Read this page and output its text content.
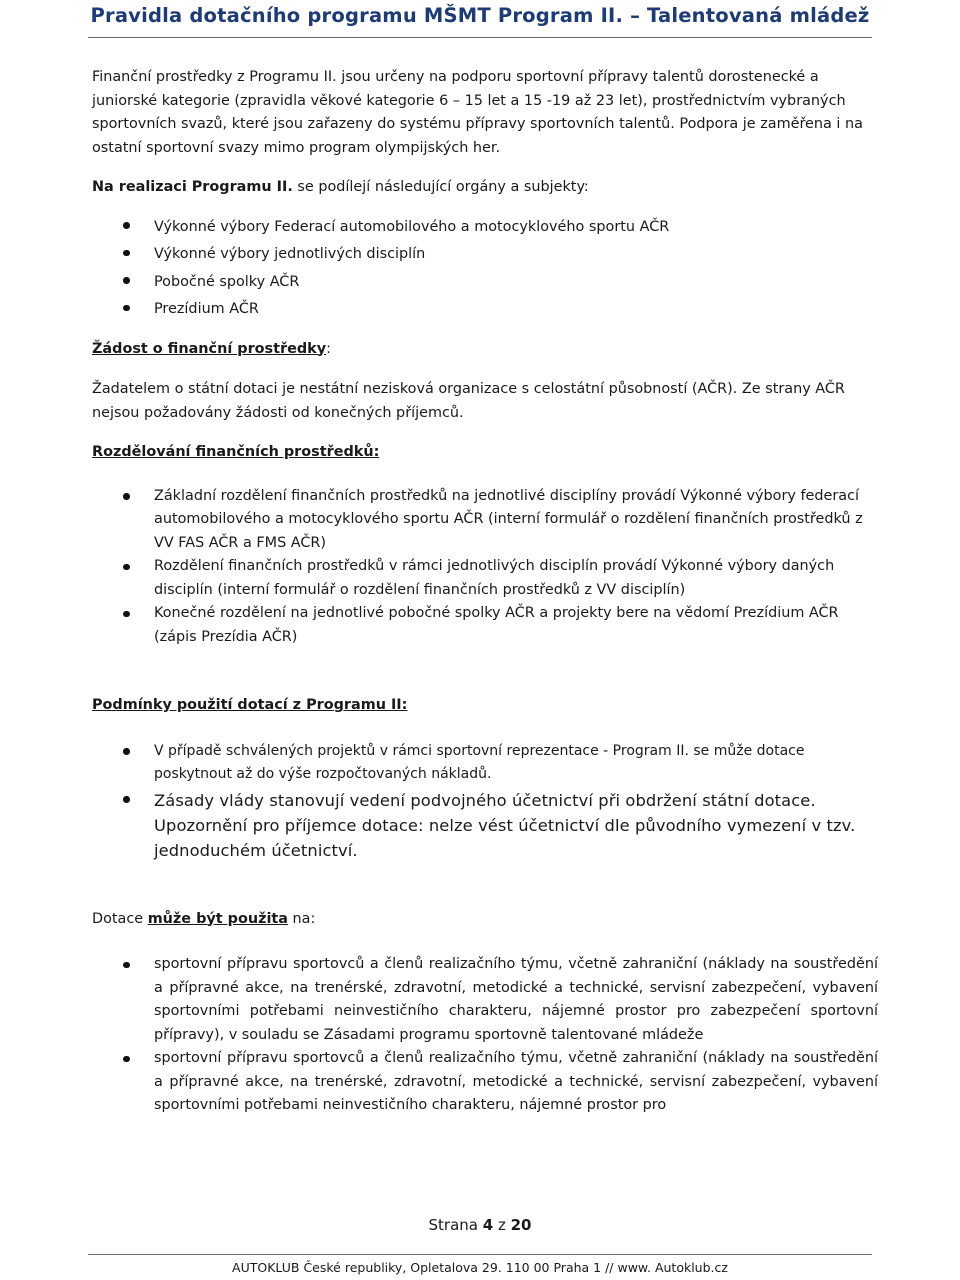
Pravidla dotačního programu MŠMT Program II. – Talentovaná mládež

Finanční prostředky z Programu II. jsou určeny na podporu sportovní přípravy talentů dorostenecké a juniorské kategorie (zpravidla věkové kategorie 6 – 15 let a 15 -19 až 23 let), prostřednictvím vybraných sportovních svazů, které jsou zařazeny do systému přípravy sportovních talentů. Podpora je zaměřena i na ostatní sportovní svazy mimo program olympijských her.

Na realizaci Programu II. se podílejí následující orgány a subjekty:

Výkonné výbory Federací automobilového a motocyklového sportu AČR
Výkonné výbory jednotlivých disciplín
Pobočné spolky AČR
Prezídium AČR

Žádost o finanční prostředky:

Žadatelem o státní dotaci je nestátní nezisková organizace s celostátní působností (AČR). Ze strany AČR nejsou požadovány žádosti od konečných příjemců.

Rozdělování finančních prostředků:

Základní rozdělení finančních prostředků na jednotlivé disciplíny provádí Výkonné výbory federací automobilového a motocyklového sportu AČR (interní formulář o rozdělení finančních prostředků z VV FAS AČR a FMS AČR)
Rozdělení finančních prostředků v rámci jednotlivých disciplín provádí Výkonné výbory daných disciplín (interní formulář o rozdělení finančních prostředků z VV disciplín)
Konečné rozdělení na jednotlivé pobočné spolky AČR a projekty bere na vědomí Prezídium AČR (zápis Prezídia AČR)

Podmínky použití dotací z Programu II:

V případě schválených projektů v rámci sportovní reprezentace - Program II. se může dotace poskytnout až do výše rozpočtovaných nákladů.
Zásady vlády stanovují vedení podvojného účetnictví při obdržení státní dotace. Upozornění pro příjemce dotace: nelze vést účetnictví dle původního vymezení v tzv. jednoduchém účetnictví.

Dotace může být použita na:

sportovní přípravu sportovců a členů realizačního týmu, včetně zahraniční (náklady na soustředění a přípravné akce, na trenérské, zdravotní, metodické a technické, servisní zabezpečení, vybavení sportovními potřebami neinvestičního charakteru, nájemné prostor pro zabezpečení sportovní přípravy), v souladu se Zásadami programu sportovně talentované mládeže
sportovní přípravu sportovců a členů realizačního týmu, včetně zahraniční (náklady na soustředění a přípravné akce, na trenérské, zdravotní, metodické a technické, servisní zabezpečení, vybavení sportovními potřebami neinvestičního charakteru, nájemné prostor pro
Strana 4 z 20
AUTOKLUB České republiky, Opletalova 29. 110 00 Praha 1 // www. Autoklub.cz
